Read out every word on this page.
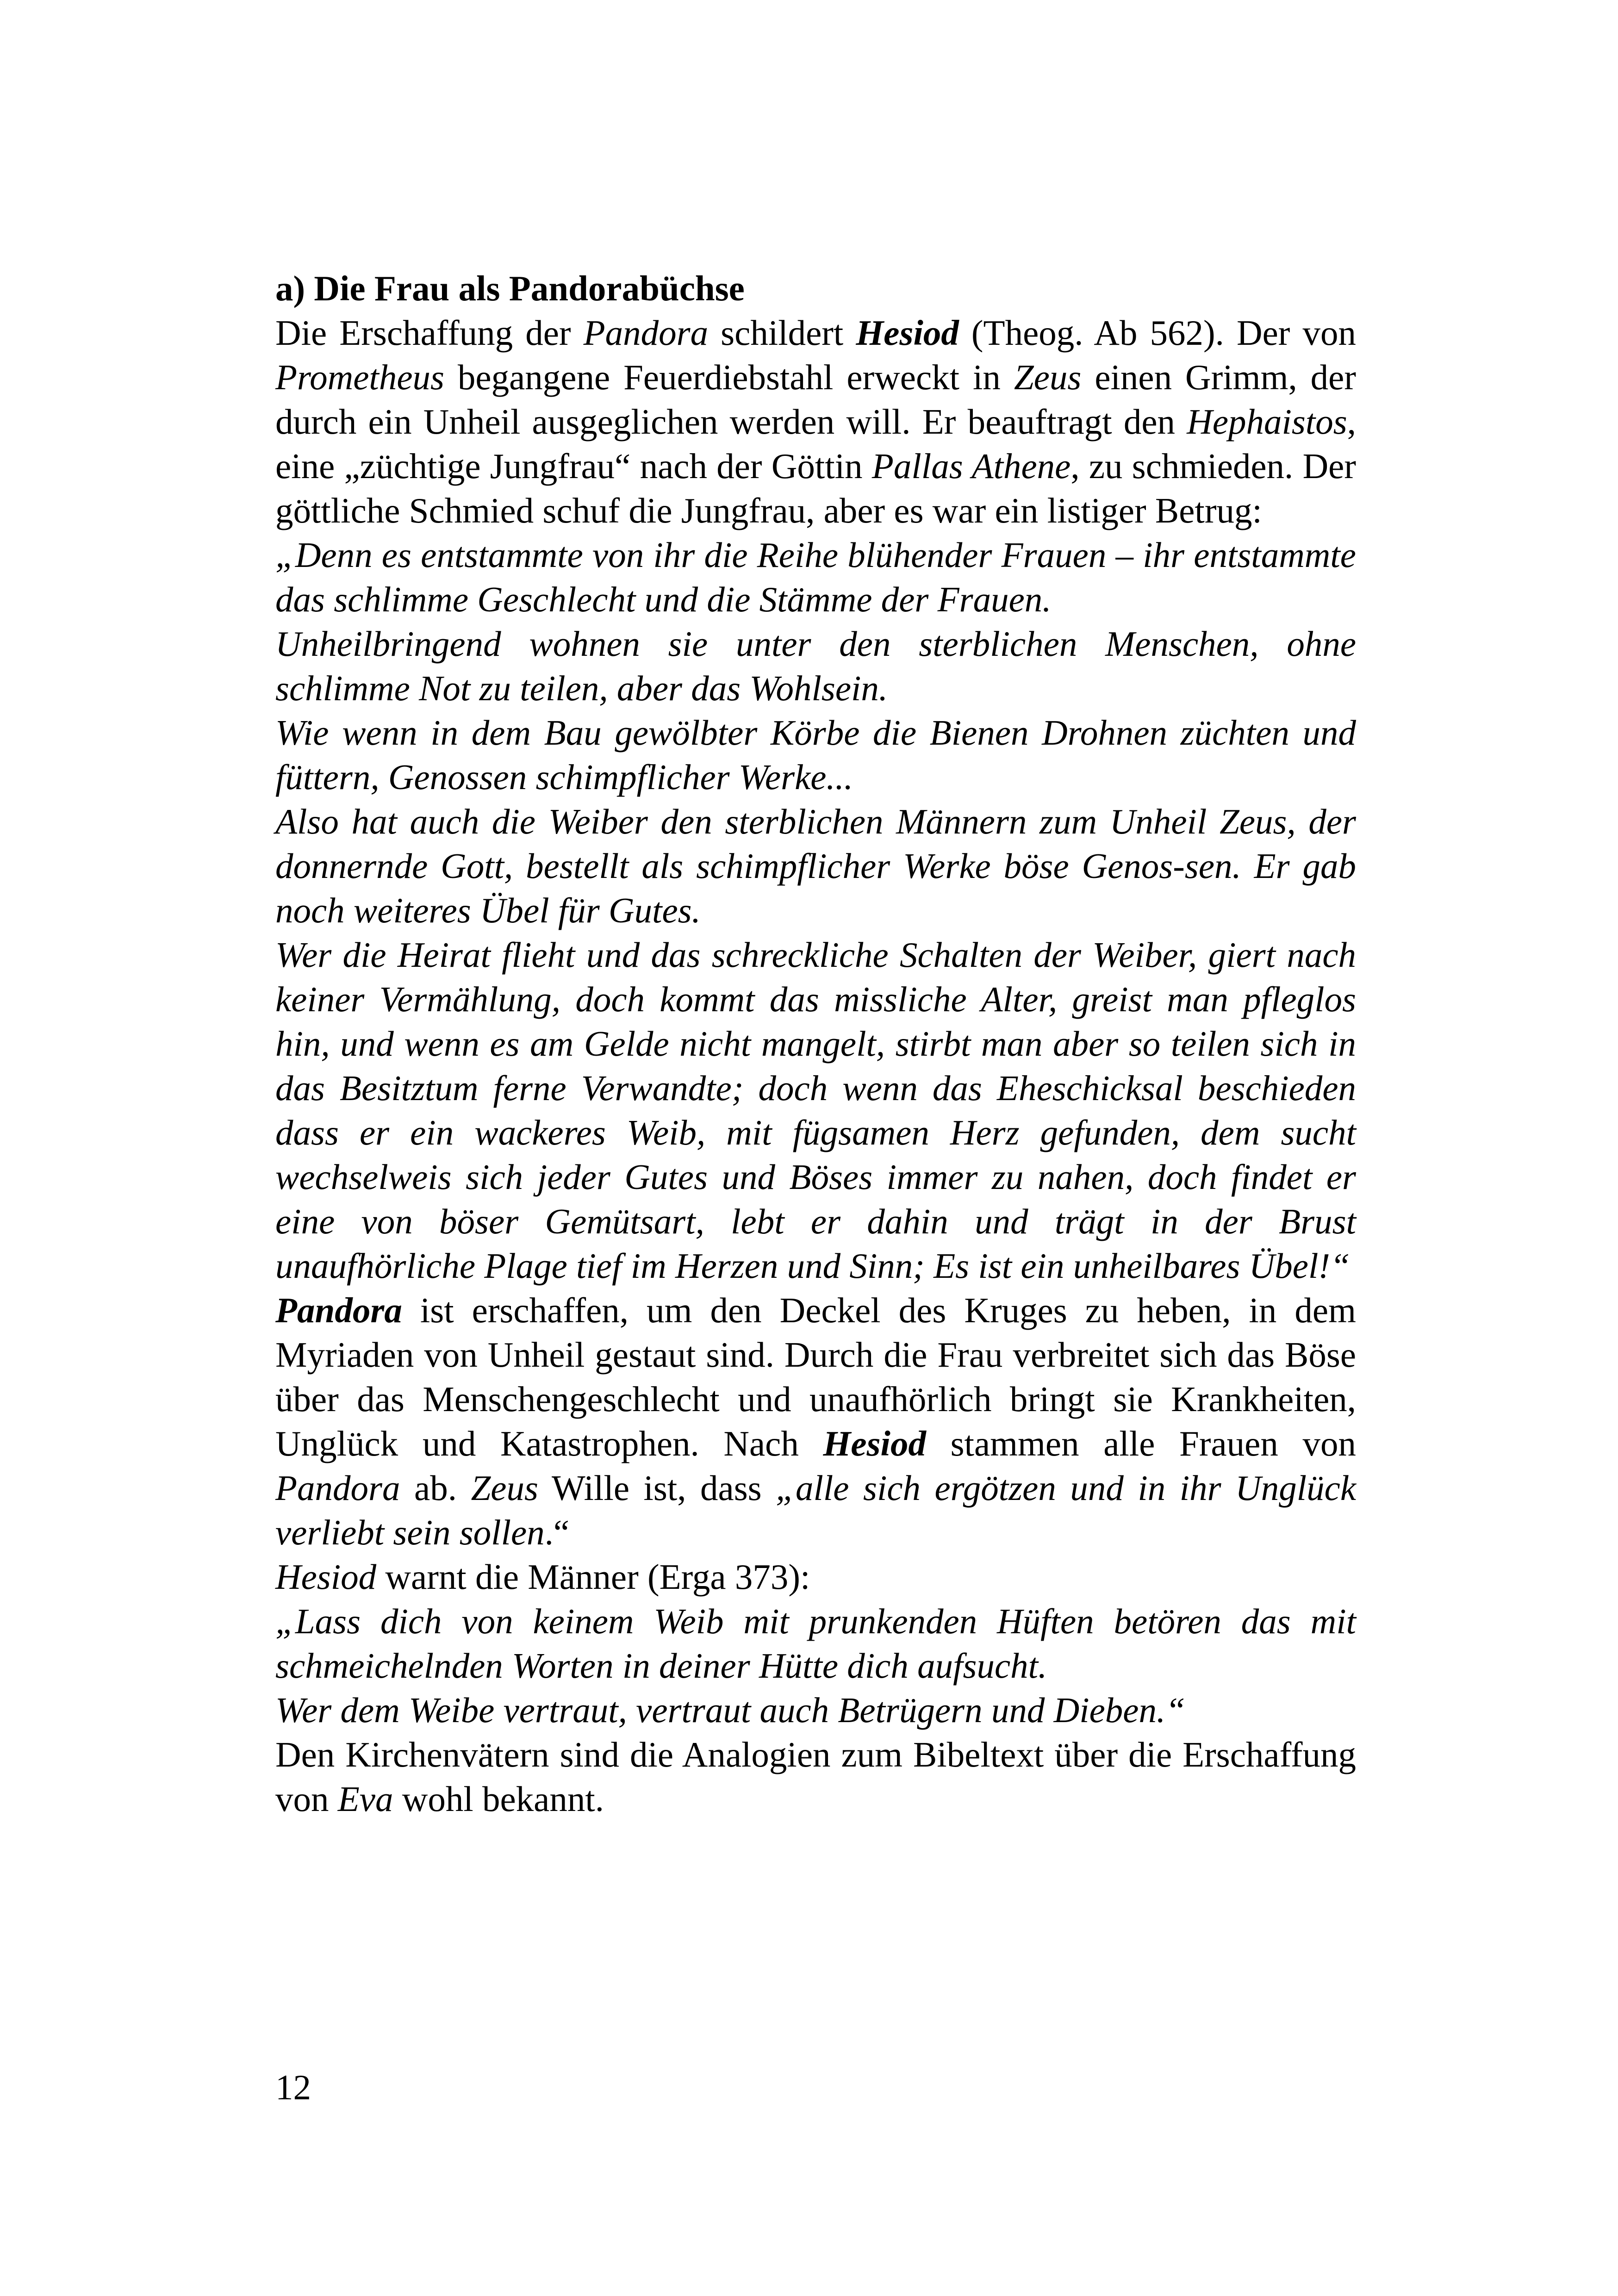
a) Die Frau als Pandorabüchse

Die Erschaffung der Pandora schildert Hesiod (Theog. Ab 562). Der von Prometheus begangene Feuerdiebstahl erweckt in Zeus einen Grimm, der durch ein Unheil ausgeglichen werden will. Er beauftragt den Hephaistos, eine „züchtige Jungfrau“ nach der Göttin Pallas Athene, zu schmieden. Der göttliche Schmied schuf die Jungfrau, aber es war ein listiger Betrug:

„Denn es entstammte von ihr die Reihe blühender Frauen – ihr entstammte das schlimme Geschlecht und die Stämme der Frauen.

Unheilbringend wohnen sie unter den sterblichen Menschen, ohne schlimme Not zu teilen, aber das Wohlsein.

Wie wenn in dem Bau gewölbter Körbe die Bienen Drohnen züchten und füttern, Genossen schimpflicher Werke...

Also hat auch die Weiber den sterblichen Männern zum Unheil Zeus, der donnernde Gott, bestellt als schimpflicher Werke böse Genos-sen. Er gab noch weiteres Übel für Gutes.

Wer die Heirat flieht und das schreckliche Schalten der Weiber, giert nach keiner Vermählung, doch kommt das missliche Alter, greist man pfleglos hin, und wenn es am Gelde nicht mangelt, stirbt man aber so teilen sich in das Besitztum ferne Verwandte; doch wenn das Eheschicksal beschieden dass er ein wackeres Weib, mit fügsamen Herz gefunden, dem sucht wechselweis sich jeder Gutes und Böses immer zu nahen, doch findet er eine von böser Gemütsart, lebt er dahin und trägt in der Brust unaufhörliche Plage tief im Herzen und Sinn; Es ist ein unheilbares Übel!“

Pandora ist erschaffen, um den Deckel des Kruges zu heben, in dem Myriaden von Unheil gestaut sind. Durch die Frau verbreitet sich das Böse über das Menschengeschlecht und unaufhörlich bringt sie Krankheiten, Unglück und Katastrophen. Nach Hesiod stammen alle Frauen von Pandora ab. Zeus Wille ist, dass „alle sich ergötzen und in ihr Unglück verliebt sein sollen.“

Hesiod warnt die Männer (Erga 373):

„Lass dich von keinem Weib mit prunkenden Hüften betören das mit schmeichelnden Worten in deiner Hütte dich aufsucht.

Wer dem Weibe vertraut, vertraut auch Betrügern und Dieben.“

Den Kirchenvätern sind die Analogien zum Bibeltext über die Erschaffung von Eva wohl bekannt.

12
